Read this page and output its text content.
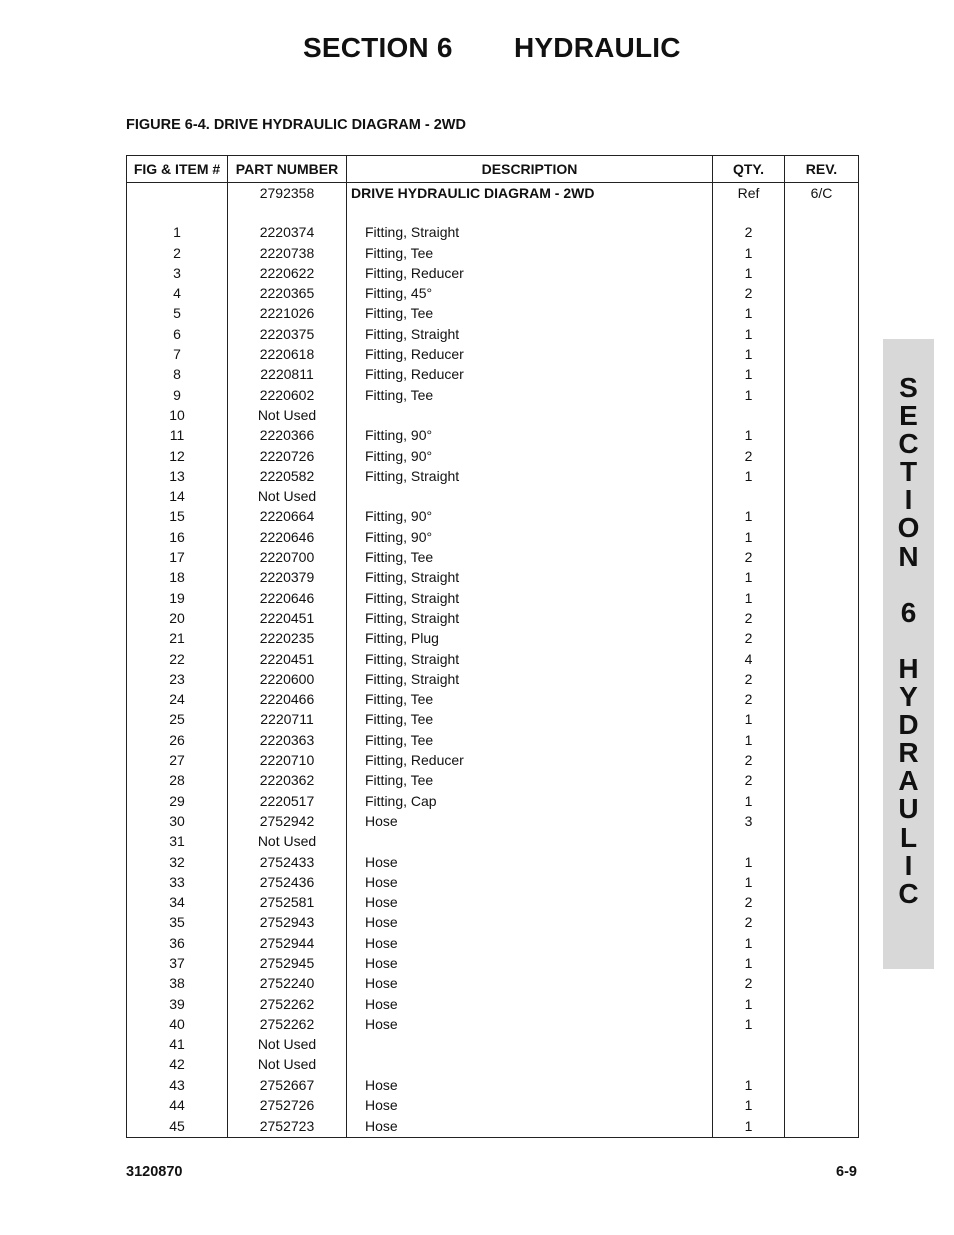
SECTION 6 HYDRAULIC
FIGURE 6-4. DRIVE HYDRAULIC DIAGRAM - 2WD
FIG & ITEM #	PART NUMBER	DESCRIPTION	QTY.	REV.
	2792358	DRIVE HYDRAULIC DIAGRAM - 2WD	Ref	6/C

1	2220374	Fitting, Straight	2	
2	2220738	Fitting, Tee	1	
3	2220622	Fitting, Reducer	1	
4	2220365	Fitting, 45°	2	
5	2221026	Fitting, Tee	1	
6	2220375	Fitting, Straight	1	
7	2220618	Fitting, Reducer	1	
8	2220811	Fitting, Reducer	1	
9	2220602	Fitting, Tee	1	
10	Not Used			
11	2220366	Fitting, 90°	1	
12	2220726	Fitting, 90°	2	
13	2220582	Fitting, Straight	1	
14	Not Used			
15	2220664	Fitting, 90°	1	
16	2220646	Fitting, 90°	1	
17	2220700	Fitting, Tee	2	
18	2220379	Fitting, Straight	1	
19	2220646	Fitting, Straight	1	
20	2220451	Fitting, Straight	2	
21	2220235	Fitting, Plug	2	
22	2220451	Fitting, Straight	4	
23	2220600	Fitting, Straight	2	
24	2220466	Fitting, Tee	2	
25	2220711	Fitting, Tee	1	
26	2220363	Fitting, Tee	1	
27	2220710	Fitting, Reducer	2	
28	2220362	Fitting, Tee	2	
29	2220517	Fitting, Cap	1	
30	2752942	Hose	3	
31	Not Used			
32	2752433	Hose	1	
33	2752436	Hose	1	
34	2752581	Hose	2	
35	2752943	Hose	2	
36	2752944	Hose	1	
37	2752945	Hose	1	
38	2752240	Hose	2	
39	2752262	Hose	1	
40	2752262	Hose	1	
41	Not Used			
42	Not Used			
43	2752667	Hose	1	
44	2752726	Hose	1	
45	2752723	Hose	1	
S
E
C
T
I
O
N

6

H
Y
D
R
A
U
L
I
C
3120870	6-9
